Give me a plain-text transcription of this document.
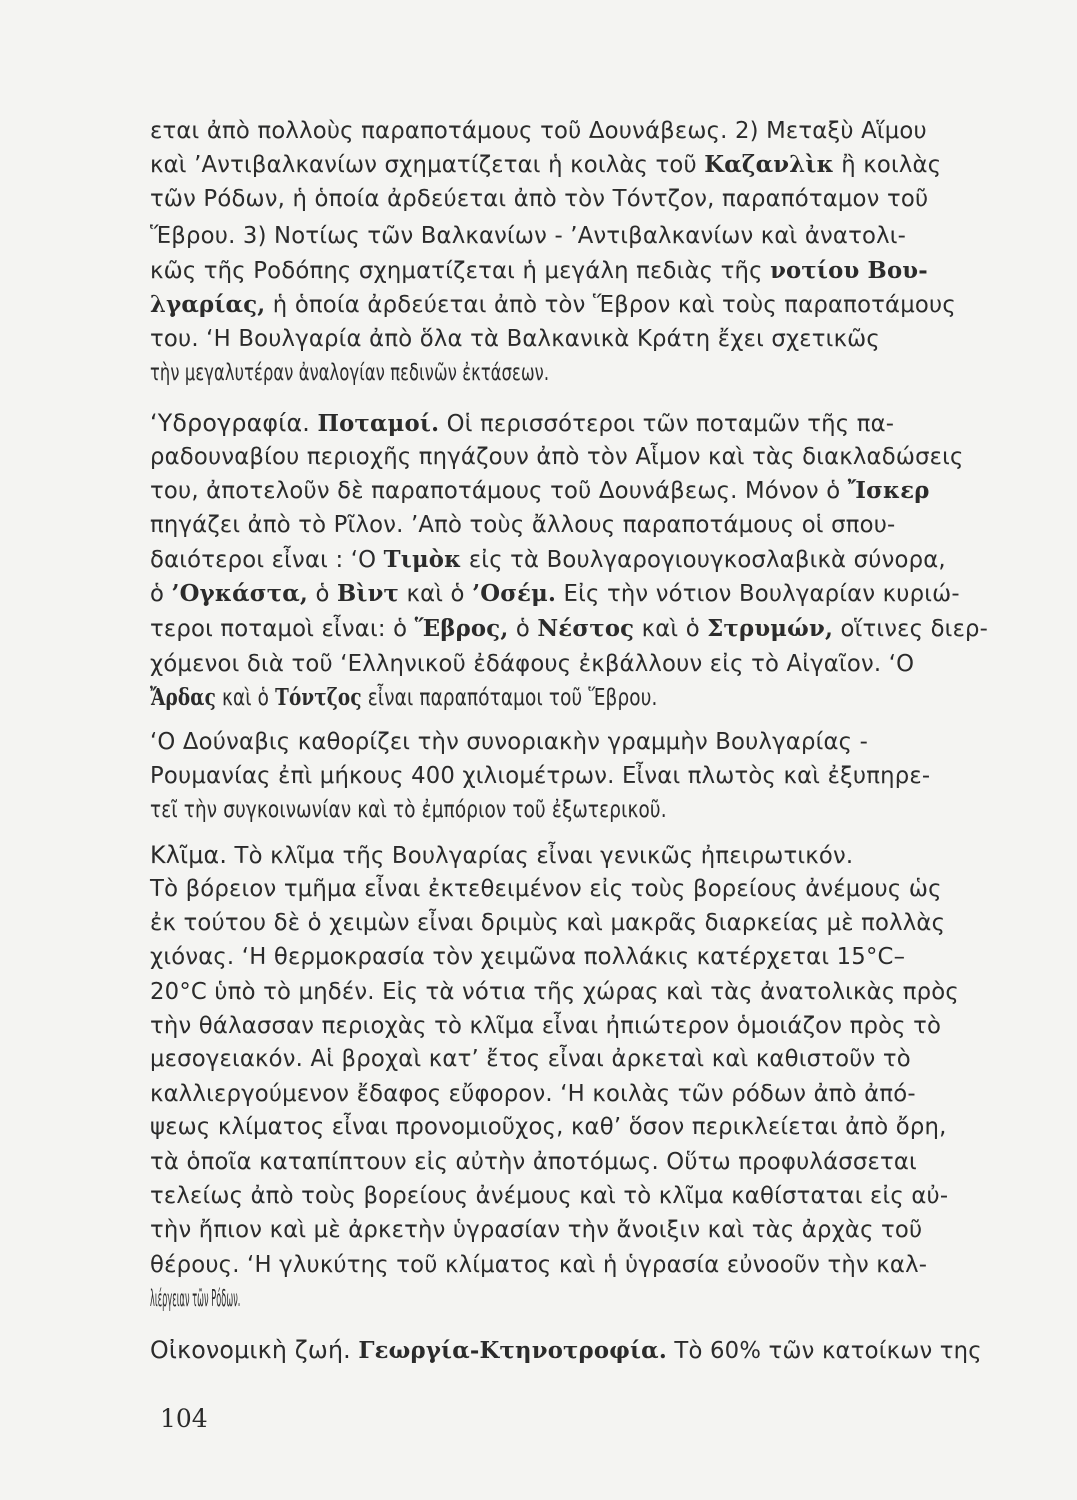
εται ἀπὸ πολλοὺς παραποτάμους τοῦ Δουνάβεως. 2) Μεταξὺ Αἵμου
καὶ ’Αντιβαλκανίων σχηματίζεται ἡ κοιλὰς τοῦ Καζανλὶκ ἢ κοιλὰς
τῶν Ρόδων, ἡ ὁποία ἀρδεύεται ἀπὸ τὸν Τόντζον, παραπόταμον τοῦ
Ἕβρου. 3) Νοτίως τῶν Βαλκανίων - ’Αντιβαλκανίων καὶ ἀνατολι-
κῶς τῆς Ροδόπης σχηματίζεται ἡ μεγάλη πεδιὰς τῆς νοτίου Βου-
λγαρίας, ἡ ὁποία ἀρδεύεται ἀπὸ τὸν Ἕβρον καὶ τοὺς παραποτάμους
του. ‘Η Βουλγαρία ἀπὸ ὅλα τὰ Βαλκανικὰ Κράτη ἔχει σχετικῶς
τὴν μεγαλυτέραν ἀναλογίαν πεδινῶν ἐκτάσεων.
‘Υδρογραφία. Ποταμοί. Οἱ περισσότεροι τῶν ποταμῶν τῆς πα-
ραδουναβίου περιοχῆς πηγάζουν ἀπὸ τὸν Αἷμον καὶ τὰς διακλαδώσεις
του, ἀποτελοῦν δὲ παραποτάμους τοῦ Δουνάβεως. Μόνον ὁ Ἴσκερ
πηγάζει ἀπὸ τὸ Ρῖλον. ’Απὸ τοὺς ἄλλους παραποτάμους οἱ σπου-
δαιότεροι εἶναι : ‘Ο Τιμὸκ εἰς τὰ Βουλγαρογιουγκοσλαβικὰ σύνορα,
ὁ ’Ογκάστα, ὁ Βὶντ καὶ ὁ ’Οσέμ. Εἰς τὴν νότιον Βουλγαρίαν κυριώ-
τεροι ποταμοὶ εἶναι: ὁ Ἕβρος, ὁ Νέστος καὶ ὁ Στρυμών, οἵτινες διερ-
χόμενοι διὰ τοῦ ‘Ελληνικοῦ ἐδάφους ἐκβάλλουν εἰς τὸ Αἰγαῖον. ‘Ο
Ἄρδας καὶ ὁ Τόντζος εἶναι παραπόταμοι τοῦ Ἕβρου.
‘Ο Δούναβις καθορίζει τὴν συνοριακὴν γραμμὴν Βουλγαρίας -
Ρουμανίας ἐπὶ μήκους 400 χιλιομέτρων. Εἶναι πλωτὸς καὶ ἐξυπηρε-
τεῖ τὴν συγκοινωνίαν καὶ τὸ ἐμπόριον τοῦ ἐξωτερικοῦ.
Κλῖμα. Τὸ κλῖμα τῆς Βουλγαρίας εἶναι γενικῶς ἠπειρωτικόν.
Τὸ βόρειον τμῆμα εἶναι ἐκτεθειμένον εἰς τοὺς βορείους ἀνέμους ὡς
ἐκ τούτου δὲ ὁ χειμὼν εἶναι δριμὺς καὶ μακρᾶς διαρκείας μὲ πολλὰς
χιόνας. ‘Η θερμοκρασία τὸν χειμῶνα πολλάκις κατέρχεται 15°C–
20°C ὑπὸ τὸ μηδέν. Εἰς τὰ νότια τῆς χώρας καὶ τὰς ἀνατολικὰς πρὸς
τὴν θάλασσαν περιοχὰς τὸ κλῖμα εἶναι ἠπιώτερον ὁμοιάζον πρὸς τὸ
μεσογειακόν. Αἱ βροχαὶ κατ’ ἔτος εἶναι ἀρκεταὶ καὶ καθιστοῦν τὸ
καλλιεργούμενον ἔδαφος εὔφορον. ‘Η κοιλὰς τῶν ρόδων ἀπὸ ἀπό-
ψεως κλίματος εἶναι προνομιοῦχος, καθ’ ὅσον περικλείεται ἀπὸ ὄρη,
τὰ ὁποῖα καταπίπτουν εἰς αὐτὴν ἀποτόμως. Οὕτω προφυλάσσεται
τελείως ἀπὸ τοὺς βορείους ἀνέμους καὶ τὸ κλῖμα καθίσταται εἰς αὐ-
τὴν ἤπιον καὶ μὲ ἀρκετὴν ὑγρασίαν τὴν ἄνοιξιν καὶ τὰς ἀρχὰς τοῦ
θέρους. ‘Η γλυκύτης τοῦ κλίματος καὶ ἡ ὑγρασία εὐνοοῦν τὴν καλ-
λιέργειαν τῶν Ρόδων.
Οἰκονομικὴ ζωή. Γεωργία-Κτηνοτροφία. Τὸ 60% τῶν κατοίκων της
104
